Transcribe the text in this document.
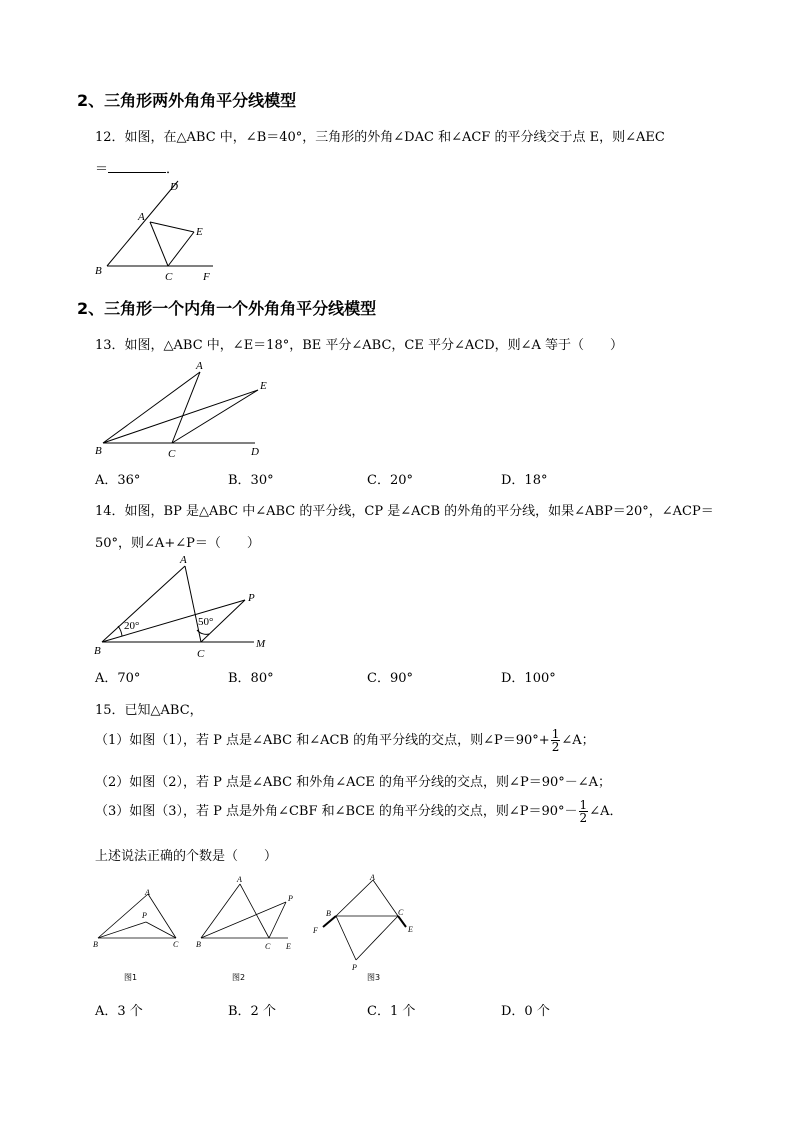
2、三角形两外角角平分线模型
12．如图，在△ABC 中，∠B＝40°，三角形的外角∠DAC 和∠ACF 的平分线交于点 E，则∠AEC
＝	．
D
A
E
B	C	F
2、三角形一个内角一个外角角平分线模型
13．如图，△ABC 中，∠E＝18°，BE 平分∠ABC，CE 平分∠ACD，则∠A 等于（　　）
A
E
B	C	D
A．36°	B．30°	C．20°	D．18°
14．如图，BP 是△ABC 中∠ABC 的平分线，CP 是∠ACB 的外角的平分线，如果∠ABP＝20°，∠ACP＝
50°，则∠A+∠P＝（　　）
20°	50°
A
P
B	C
M
A．70°	B．80°	C．90°	D．100°
15．已知△ABC，
（1）如图（1），若 P 点是∠ABC 和∠ACB 的角平分线的交点，则∠P＝90°+ $\frac{1}{2}$ ∠A；
（2）如图（2），若 P 点是∠ABC 和外角∠ACE 的角平分线的交点，则∠P＝90°－∠A；
（3）如图（3），若 P 点是外角∠CBF 和∠BCE 的角平分线的交点，则∠P＝90°－ $\frac{1}{2}$ ∠A．
上述说法正确的个数是（　　）
A
P
B	C
图1
A
P
B	C E
图2
A
B	C
F	E
P
图3
A．3 个	B．2 个	C．1 个	D．0 个
